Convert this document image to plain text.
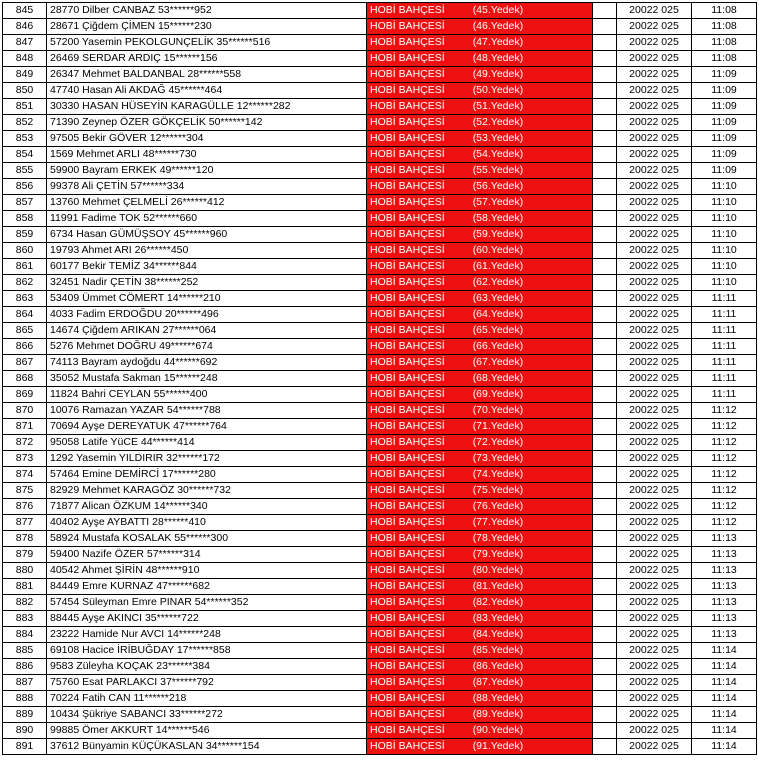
845	28770 Dilber CANBAZ 53******952	HOBİ BAHÇESİ (45.Yedek)		20022 025	11:08
846	28671 Çiğdem ÇİMEN 15******230	HOBİ BAHÇESİ (46.Yedek)		20022 025	11:08
847	57200 Yasemin PEKOLGUNÇELİK 35******516	HOBİ BAHÇESİ (47.Yedek)		20022 025	11:08
848	26469 SERDAR ARDIÇ 15******156	HOBİ BAHÇESİ (48.Yedek)		20022 025	11:08
849	26347 Mehmet BALDANBAL 28******558	HOBİ BAHÇESİ (49.Yedek)		20022 025	11:09
850	47740 Hasan Ali AKDAĞ 45******464	HOBİ BAHÇESİ (50.Yedek)		20022 025	11:09
851	30330 HASAN HÜSEYİN KARAGÜLLE 12******282	HOBİ BAHÇESİ (51.Yedek)		20022 025	11:09
852	71390 Zeynep ÖZER GÖKÇELİK 50******142	HOBİ BAHÇESİ (52.Yedek)		20022 025	11:09
853	97505 Bekir GÖVER 12******304	HOBİ BAHÇESİ (53.Yedek)		20022 025	11:09
854	1569 Mehmet ARLI 48******730	HOBİ BAHÇESİ (54.Yedek)		20022 025	11:09
855	59900 Bayram ERKEK 49******120	HOBİ BAHÇESİ (55.Yedek)		20022 025	11:09
856	99378 Ali ÇETİN 57******334	HOBİ BAHÇESİ (56.Yedek)		20022 025	11:10
857	13760 Mehmet ÇELMELİ 26******412	HOBİ BAHÇESİ (57.Yedek)		20022 025	11:10
858	11991 Fadime TOK 52******660	HOBİ BAHÇESİ (58.Yedek)		20022 025	11:10
859	6734 Hasan GÜMÜŞSOY 45******960	HOBİ BAHÇESİ (59.Yedek)		20022 025	11:10
860	19793 Ahmet ARI 26******450	HOBİ BAHÇESİ (60.Yedek)		20022 025	11:10
861	60177 Bekir TEMİZ 34******844	HOBİ BAHÇESİ (61.Yedek)		20022 025	11:10
862	32451 Nadir ÇETİN 38******252	HOBİ BAHÇESİ (62.Yedek)		20022 025	11:10
863	53409 Ümmet CÖMERT 14******210	HOBİ BAHÇESİ (63.Yedek)		20022 025	11:11
864	4033 Fadim ERDOĞDU 20******496	HOBİ BAHÇESİ (64.Yedek)		20022 025	11:11
865	14674 Çiğdem ARIKAN 27******064	HOBİ BAHÇESİ (65.Yedek)		20022 025	11:11
866	5276 Mehmet DOĞRU 49******674	HOBİ BAHÇESİ (66.Yedek)		20022 025	11:11
867	74113 Bayram aydoğdu 44******692	HOBİ BAHÇESİ (67.Yedek)		20022 025	11:11
868	35052 Mustafa Sakman 15******248	HOBİ BAHÇESİ (68.Yedek)		20022 025	11:11
869	11824 Bahri CEYLAN 55******400	HOBİ BAHÇESİ (69.Yedek)		20022 025	11:11
870	10076 Ramazan YAZAR 54******788	HOBİ BAHÇESİ (70.Yedek)		20022 025	11:12
871	70694 Ayşe DEREYATUK 47******764	HOBİ BAHÇESİ (71.Yedek)		20022 025	11:12
872	95058 Latife YüCE 44******414	HOBİ BAHÇESİ (72.Yedek)		20022 025	11:12
873	1292 Yasemin YILDIRIR 32******172	HOBİ BAHÇESİ (73.Yedek)		20022 025	11:12
874	57464 Emine DEMİRCİ 17******280	HOBİ BAHÇESİ (74.Yedek)		20022 025	11:12
875	82929 Mehmet KARAGÖZ 30******732	HOBİ BAHÇESİ (75.Yedek)		20022 025	11:12
876	71877 Alican ÖZKUM 14******340	HOBİ BAHÇESİ (76.Yedek)		20022 025	11:12
877	40402 Ayşe AYBATTI 28******410	HOBİ BAHÇESİ (77.Yedek)		20022 025	11:12
878	58924 Mustafa KOSALAK 55******300	HOBİ BAHÇESİ (78.Yedek)		20022 025	11:13
879	59400 Nazife ÖZER 57******314	HOBİ BAHÇESİ (79.Yedek)		20022 025	11:13
880	40542 Ahmet ŞİRİN 48******910	HOBİ BAHÇESİ (80.Yedek)		20022 025	11:13
881	84449 Emre KURNAZ 47******682	HOBİ BAHÇESİ (81.Yedek)		20022 025	11:13
882	57454 Süleyman Emre PINAR 54******352	HOBİ BAHÇESİ (82.Yedek)		20022 025	11:13
883	88445 Ayşe AKINCI 35******722	HOBİ BAHÇESİ (83.Yedek)		20022 025	11:13
884	23222 Hamide Nur AVCI 14******248	HOBİ BAHÇESİ (84.Yedek)		20022 025	11:13
885	69108 Hacice İRİBUĞDAY 17******858	HOBİ BAHÇESİ (85.Yedek)		20022 025	11:14
886	9583 Züleyha KOÇAK 23******384	HOBİ BAHÇESİ (86.Yedek)		20022 025	11:14
887	75760 Esat PARLAKCI 37******792	HOBİ BAHÇESİ (87.Yedek)		20022 025	11:14
888	70224 Fatih CAN 11******218	HOBİ BAHÇESİ (88.Yedek)		20022 025	11:14
889	10434 Şükriye SABANCI 33******272	HOBİ BAHÇESİ (89.Yedek)		20022 025	11:14
890	99885 Ömer AKKURT 14******546	HOBİ BAHÇESİ (90.Yedek)		20022 025	11:14
891	37612 Bünyamin KÜÇÜKASLAN 34******154	HOBİ BAHÇESİ (91.Yedek)		20022 025	11:14
